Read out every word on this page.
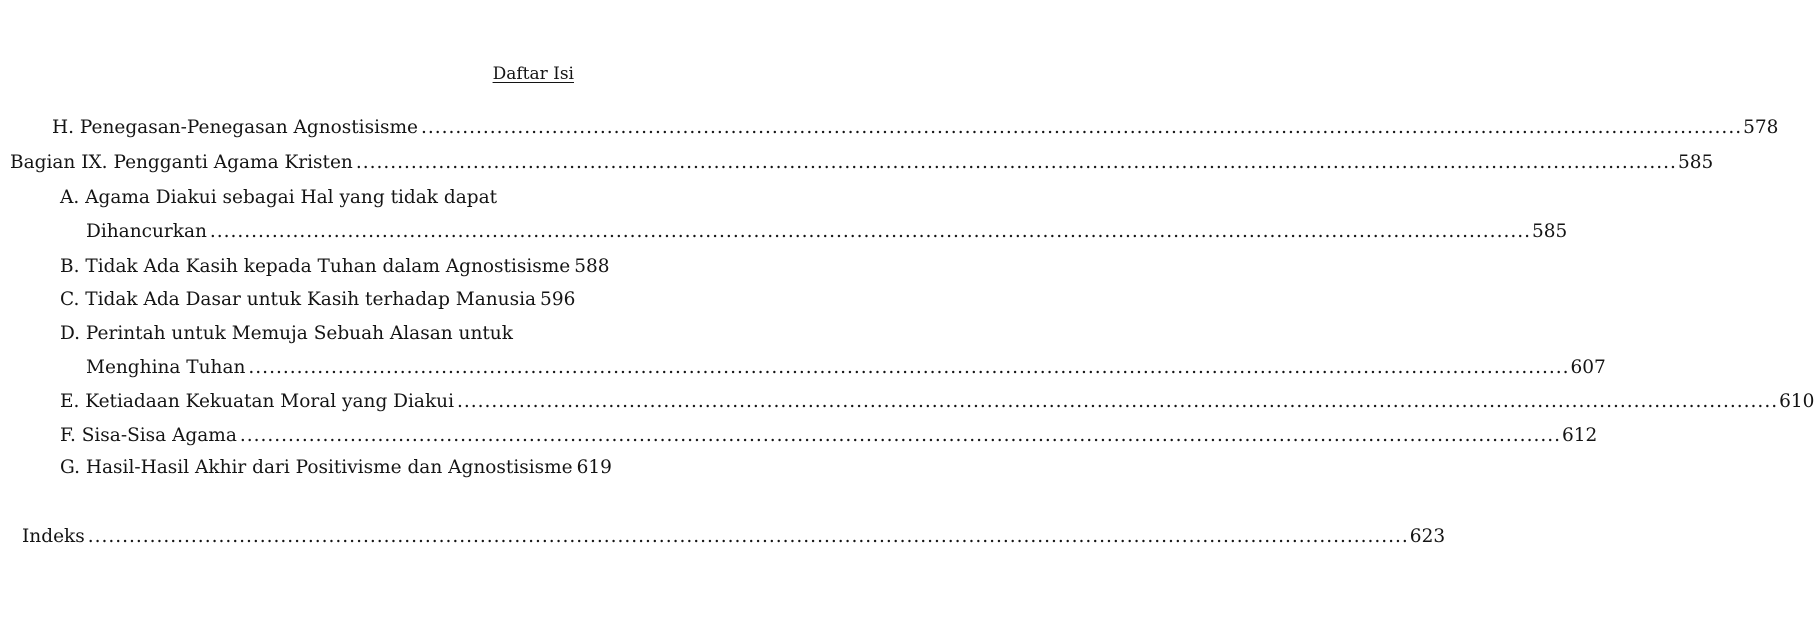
Daftar Isi
H. Penegasan-Penegasan Agnostisisme .....	578
Bagian IX. Pengganti Agama Kristen .....	585
A. Agama Diakui sebagai Hal yang tidak dapat
Dihancurkan .....	585
B. Tidak Ada Kasih kepada Tuhan dalam Agnostisisme 588
C. Tidak Ada Dasar untuk Kasih terhadap Manusia 596
D. Perintah untuk Memuja Sebuah Alasan untuk
Menghina Tuhan .....	607
E. Ketiadaan Kekuatan Moral yang Diakui .....	610
F. Sisa-Sisa Agama .....	612
G. Hasil-Hasil Akhir dari Positivisme dan Agnostisisme 619
Indeks .....	623
